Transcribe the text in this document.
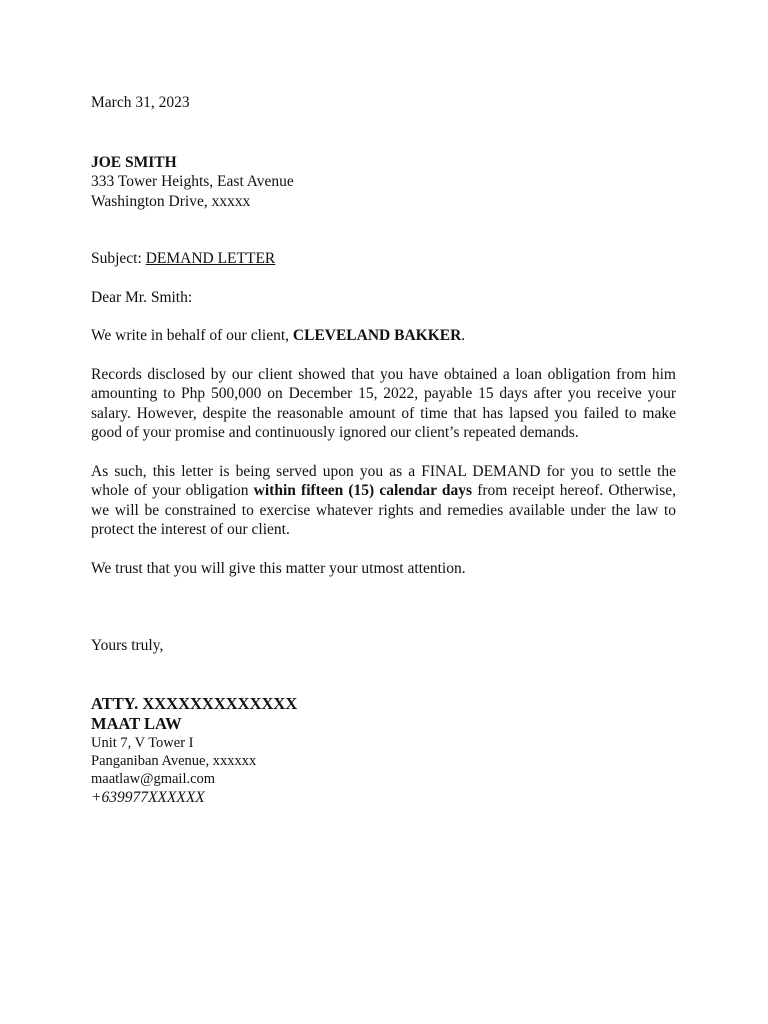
March 31, 2023

JOE SMITH

333 Tower Heights, East Avenue

Washington Drive, xxxxx

Subject: DEMAND LETTER

Dear Mr. Smith:

We write in behalf of our client, CLEVELAND BAKKER.

Records disclosed by our client showed that you have obtained a loan obligation from him amounting to Php 500,000 on December 15, 2022, payable 15 days after you receive your salary. However, despite the reasonable amount of time that has lapsed you failed to make good of your promise and continuously ignored our client’s repeated demands.

As such, this letter is being served upon you as a FINAL DEMAND for you to settle the whole of your obligation within fifteen (15) calendar days from receipt hereof. Otherwise, we will be constrained to exercise whatever rights and remedies available under the law to protect the interest of our client.

We trust that you will give this matter your utmost attention.

Yours truly,

ATTY. XXXXXXXXXXXXX

MAAT LAW

Unit 7, V Tower I

Panganiban Avenue, xxxxxx

maatlaw@gmail.com

+639977XXXXXX
